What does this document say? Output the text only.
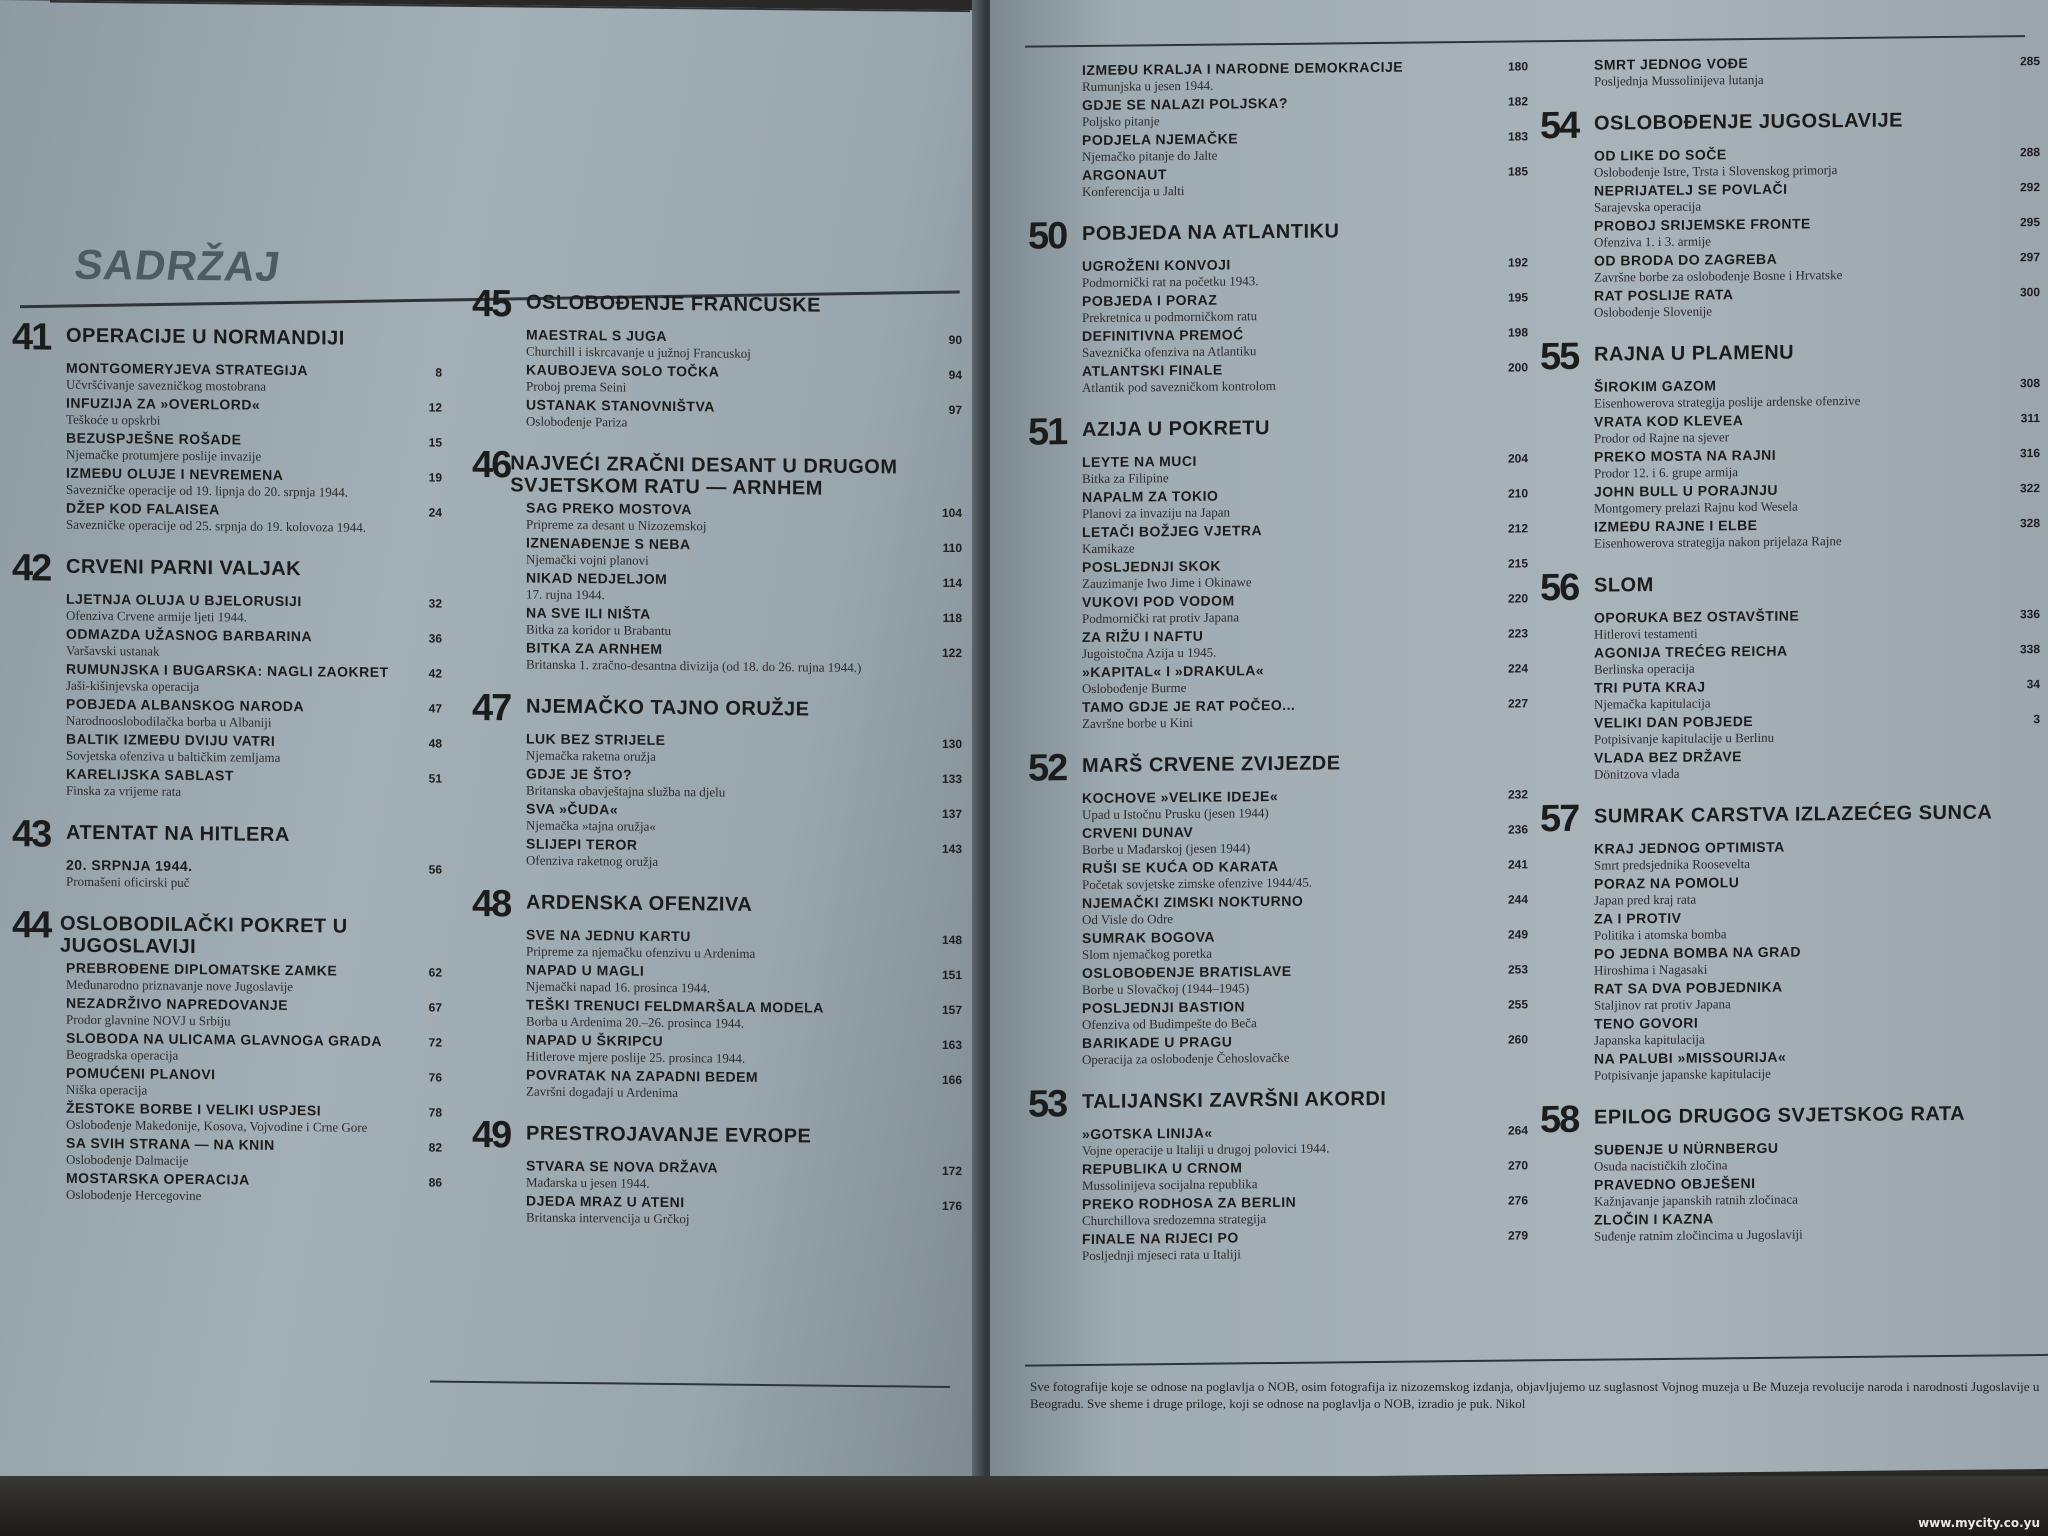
SADRŽAJ
41 OPERACIJE U NORMANDIJI
MONTGOMERYJEVA STRATEGIJA
Učvršćivanje savezničkog mostobrana
8
INFUZIJA ZA »OVERLORD«
Teškoće u opskrbi
12
BEZUSPJEŠNE ROŠADE
Njemačke protumjere poslije invazije
15
IZMEĐU OLUJE I NEVREMENA
Savezničke operacije od 19. lipnja do 20. srpnja 1944.
19
DŽEP KOD FALAISEA
Savezničke operacije od 25. srpnja do 19. kolovoza 1944.
24
42 CRVENI PARNI VALJAK
LJETNJA OLUJA U BJELORUSIJI
Ofenziva Crvene armije ljeti 1944.
32
ODMAZDA UŽASNOG BARBARINA
Varšavski ustanak
36
RUMUNJSKA I BUGARSKA: NAGLI ZAOKRET
Jaši-kišinjevska operacija
42
POBJEDA ALBANSKOG NARODA
Narodnooslobodilačka borba u Albaniji
47
BALTIK IZMEĐU DVIJU VATRI
Sovjetska ofenziva u baltičkim zemljama
48
KARELIJSKA SABLAST
Finska za vrijeme rata
51
43 ATENTAT NA HITLERA
20. SRPNJA 1944.
Promašeni oficirski puč
56
44 OSLOBODILAČKI POKRET U JUGOSLAVIJI
PREBROĐENE DIPLOMATSKE ZAMKE
Međunarodno priznavanje nove Jugoslavije
62
NEZADRŽIVO NAPREDOVANJE
Prodor glavnine NOVJ u Srbiju
67
SLOBODA NA ULICAMA GLAVNOGA GRADA
Beogradska operacija
72
POMUĆENI PLANOVI
Niška operacija
76
ŽESTOKE BORBE I VELIKI USPJESI
Oslobođenje Makedonije, Kosova, Vojvodine i Crne Gore
78
SA SVIH STRANA — NA KNIN
Oslobođenje Dalmacije
82
MOSTARSKA OPERACIJA
Oslobođenje Hercegovine
86
45 OSLOBOĐENJE FRANCUSKE
MAESTRAL S JUGA
Churchill i iskrcavanje u južnoj Francuskoj
90
KAUBOJEVA SOLO TOČKA
Proboj prema Seini
94
USTANAK STANOVNIŠTVA
Oslobođenje Pariza
97
46 NAJVEĆI ZRAČNI DESANT U DRUGOM SVJETSKOM RATU — ARNHEM
SAG PREKO MOSTOVA
Pripreme za desant u Nizozemskoj
104
IZNENAĐENJE S NEBA
Njemački vojni planovi
110
NIKAD NEDJELJOM
17. rujna 1944.
114
NA SVE ILI NIŠTA
Bitka za koridor u Brabantu
118
BITKA ZA ARNHEM
Britanska 1. zračno-desantna divizija (od 18. do 26. rujna 1944.)
122
47 NJEMAČKO TAJNO ORUŽJE
LUK BEZ STRIJELE
Njemačka raketna oružja
130
GDJE JE ŠTO?
Britanska obavještajna služba na djelu
133
SVA »ČUDA«
Njemačka »tajna oružja«
137
SLIJEPI TEROR
Ofenziva raketnog oružja
143
48 ARDENSKA OFENZIVA
SVE NA JEDNU KARTU
Pripreme za njemačku ofenzivu u Ardenima
148
NAPAD U MAGLI
Njemački napad 16. prosinca 1944.
151
TEŠKI TRENUCI FELDMARŠALA MODELA
Borba u Ardenima 20.–26. prosinca 1944.
157
NAPAD U ŠKRIPCU
Hitlerove mjere poslije 25. prosinca 1944.
163
POVRATAK NA ZAPADNI BEDEM
Završni događaji u Ardenima
166
49 PRESTROJAVANJE EVROPE
STVARA SE NOVA DRŽAVA
Mađarska u jesen 1944.
172
DJEDA MRAZ U ATENI
Britanska intervencija u Grčkoj
176
IZMEĐU KRALJA I NARODNE DEMOKRACIJE
Rumunjska u jesen 1944.
180
GDJE SE NALAZI POLJSKA?
Poljsko pitanje
182
PODJELA NJEMAČKE
Njemačko pitanje do Jalte
183
ARGONAUT
Konferencija u Jalti
185
50 POBJEDA NA ATLANTIKU
UGROŽENI KONVOJI
Podmornički rat na početku 1943.
192
POBJEDA I PORAZ
Prekretnica u podmorničkom ratu
195
DEFINITIVNA PREMOĆ
Saveznička ofenziva na Atlantiku
198
ATLANTSKI FINALE
Atlantik pod savezničkom kontrolom
200
51 AZIJA U POKRETU
LEYTE NA MUCI
Bitka za Filipine
204
NAPALM ZA TOKIO
Planovi za invaziju na Japan
210
LETAČI BOŽJEG VJETRA
Kamikaze
212
POSLJEDNJI SKOK
Zauzimanje Iwo Jime i Okinawe
215
VUKOVI POD VODOM
Podmornički rat protiv Japana
220
ZA RIŽU I NAFTU
Jugoistočna Azija u 1945.
223
»KAPITAL« I »DRAKULA«
Oslobođenje Burme
224
TAMO GDJE JE RAT POČEO...
Završne borbe u Kini
227
52 MARŠ CRVENE ZVIJEZDE
KOCHOVE »VELIKE IDEJE«
Upad u Istočnu Prusku (jesen 1944)
232
CRVENI DUNAV
Borbe u Mađarskoj (jesen 1944)
236
RUŠI SE KUĆA OD KARATA
Početak sovjetske zimske ofenzive 1944/45.
241
NJEMAČKI ZIMSKI NOKTURNO
Od Visle do Odre
244
SUMRAK BOGOVA
Slom njemačkog poretka
249
OSLOBOĐENJE BRATISLAVE
Borbe u Slovačkoj (1944–1945)
253
POSLJEDNJI BASTION
Ofenziva od Budimpešte do Beča
255
BARIKADE U PRAGU
Operacija za oslobođenje Čehoslovačke
260
53 TALIJANSKI ZAVRŠNI AKORDI
»GOTSKA LINIJA«
Vojne operacije u Italiji u drugoj polovici 1944.
264
REPUBLIKA U CRNOM
Mussolinijeva socijalna republika
270
PREKO RODHOSA ZA BERLIN
Churchillova sredozemna strategija
276
FINALE NA RIJECI PO
Posljednji mjeseci rata u Italiji
279
SMRT JEDNOG VOĐE
Posljednja Mussolinijeva lutanja
285
54 OSLOBOĐENJE JUGOSLAVIJE
OD LIKE DO SOČE
Oslobođenje Istre, Trsta i Slovenskog primorja
288
NEPRIJATELJ SE POVLAČI
Sarajevska operacija
292
PROBOJ SRIJEMSKE FRONTE
Ofenziva 1. i 3. armije
295
OD BRODA DO ZAGREBA
Završne borbe za oslobođenje Bosne i Hrvatske
297
RAT POSLIJE RATA
Oslobođenje Slovenije
300
55 RAJNA U PLAMENU
ŠIROKIM GAZOM
Eisenhowerova strategija poslije ardenske ofenzive
308
VRATA KOD KLEVEA
Prodor od Rajne na sjever
311
PREKO MOSTA NA RAJNI
Prodor 12. i 6. grupe armija
316
JOHN BULL U PORAJNJU
Montgomery prelazi Rajnu kod Wesela
322
IZMEĐU RAJNE I ELBE
Eisenhowerova strategija nakon prijelaza Rajne
328
56 SLOM
OPORUKA BEZ OSTAVŠTINE
Hitlerovi testamenti
336
AGONIJA TREĆEG REICHA
Berlinska operacija
338
TRI PUTA KRAJ
Njemačka kapitulacija
34
VELIKI DAN POBJEDE
Potpisivanje kapitulacije u Berlinu
3
VLADA BEZ DRŽAVE
Dönitzova vlada
57 SUMRAK CARSTVA IZLAZEĆEG SUNCA
KRAJ JEDNOG OPTIMISTA
Smrt predsjednika Roosevelta
PORAZ NA POMOLU
Japan pred kraj rata
ZA I PROTIV
Politika i atomska bomba
PO JEDNA BOMBA NA GRAD
Hiroshima i Nagasaki
RAT SA DVA POBJEDNIKA
Staljinov rat protiv Japana
TENO GOVORI
Japanska kapitulacija
NA PALUBI »MISSOURIJA«
Potpisivanje japanske kapitulacije
58 EPILOG DRUGOG SVJETSKOG RATA
SUĐENJE U NÜRNBERGU
Osuda nacističkih zločina
PRAVEDNO OBJEŠENI
Kažnjavanje japanskih ratnih zločinaca
ZLOČIN I KAZNA
Suđenje ratnim zločincima u Jugoslaviji
Sve fotografije koje se odnose na poglavlja o NOB, osim fotografija iz nizozemskog izdanja, objavljujemo uz suglasnost Vojnog muzeja u Be Muzeja revolucije naroda i narodnosti Jugoslavije u Beogradu. Sve sheme i druge priloge, koji se odnose na poglavlja o NOB, izradio je puk. Nikol
www.mycity.co.yu
